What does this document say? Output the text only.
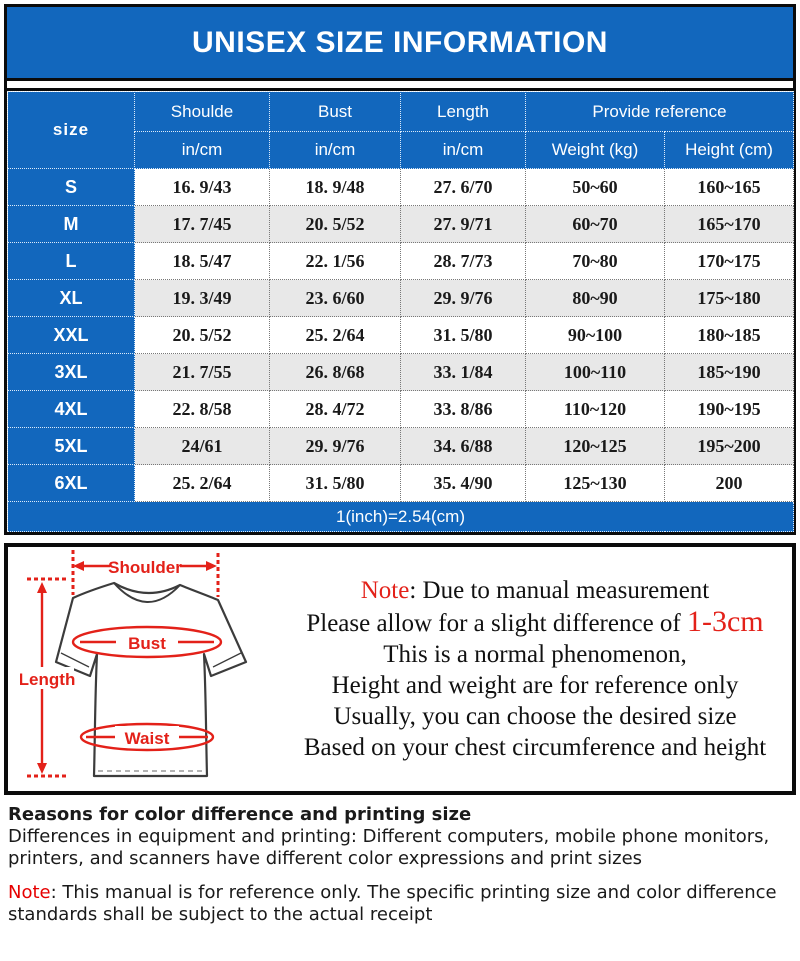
UNISEX SIZE INFORMATION
size	Shoulde	Bust	Length	Provide reference	
	in/cm	in/cm	in/cm	Weight (kg)	Height (cm)
S	16. 9/43	18. 9/48	27. 6/70	50~60	160~165
M	17. 7/45	20. 5/52	27. 9/71	60~70	165~170
L	18. 5/47	22. 1/56	28. 7/73	70~80	170~175
XL	19. 3/49	23. 6/60	29. 9/76	80~90	175~180
XXL	20. 5/52	25. 2/64	31. 5/80	90~100	180~185
3XL	21. 7/55	26. 8/68	33. 1/84	100~110	185~190
4XL	22. 8/58	28. 4/72	33. 8/86	110~120	190~195
5XL	24/61	29. 9/76	34. 6/88	120~125	195~200
6XL	25. 2/64	31. 5/80	35. 4/90	125~130	200
1(inch)=2.54(cm)					
Shoulder
Length
Bust
Waist
Note: Due to manual measurement
Please allow for a slight difference of 1-3cm
This is a normal phenomenon,
Height and weight are for reference only
Usually, you can choose the desired size
Based on your chest circumference and height
Reasons for color difference and printing size
Differences in equipment and printing: Different computers, mobile phone monitors,
printers, and scanners have different color expressions and print sizes
Note: This manual is for reference only. The specific printing size and color difference
standards shall be subject to the actual receipt
